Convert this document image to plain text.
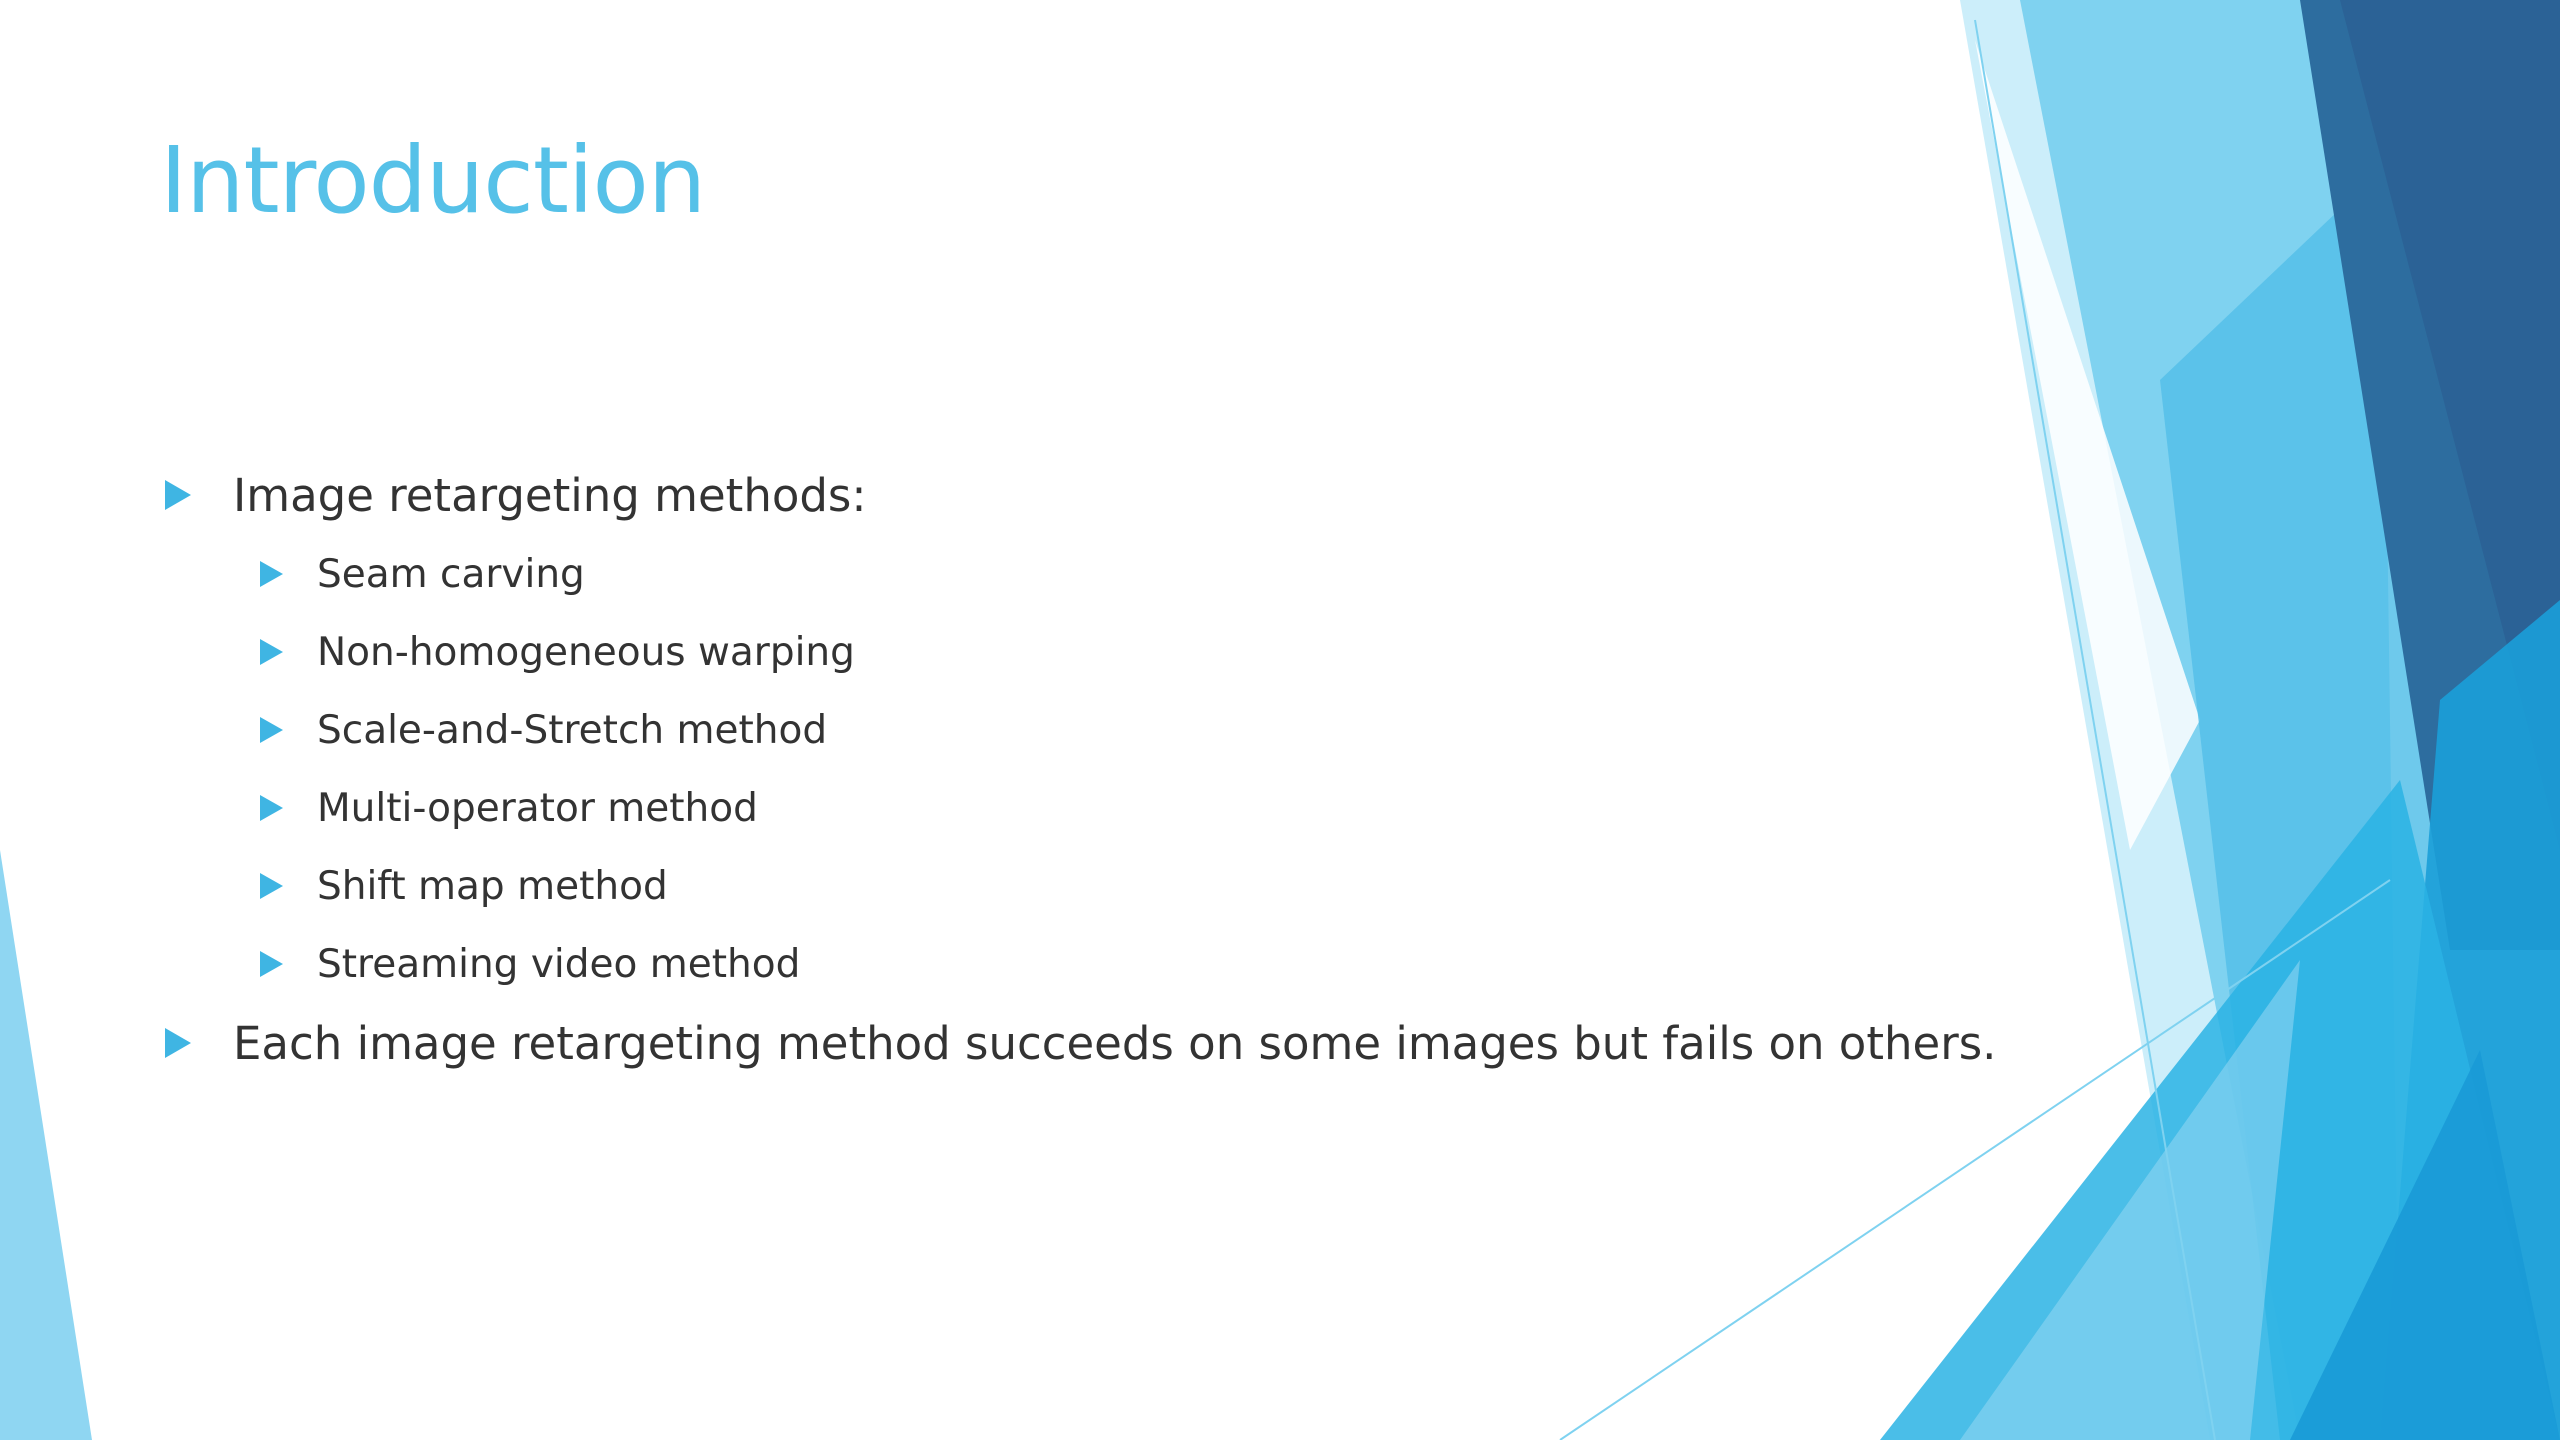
Introduction
Image retargeting methods:
Seam carving
Non-homogeneous warping
Scale-and-Stretch method
Multi-operator method
Shift map method
Streaming video method
Each image retargeting method succeeds on some images but fails on others.
